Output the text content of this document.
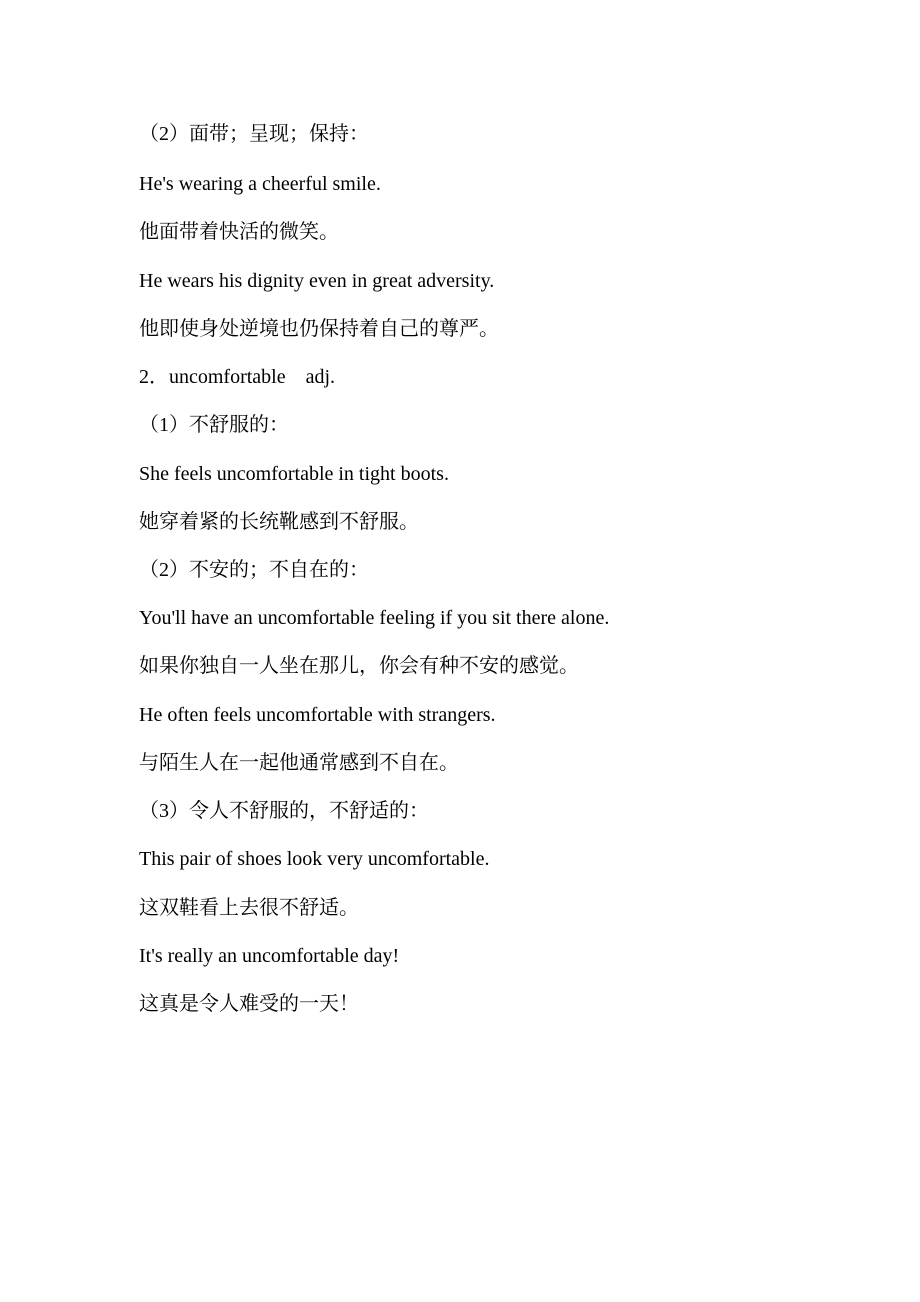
（2）面带；呈现；保持：
He's wearing a cheerful smile.
他面带着快活的微笑。
He wears his dignity even in great adversity.
他即使身处逆境也仍保持着自己的尊严。
2．uncomfortable　adj.
（1）不舒服的：
She feels uncomfortable in tight boots.
她穿着紧的长统靴感到不舒服。
（2）不安的；不自在的：
You'll have an uncomfortable feeling if you sit there alone.
如果你独自一人坐在那儿，你会有种不安的感觉。
He often feels uncomfortable with strangers.
与陌生人在一起他通常感到不自在。
（3）令人不舒服的，不舒适的：
This pair of shoes look very uncomfortable.
这双鞋看上去很不舒适。
It's really an uncomfortable day!
这真是令人难受的一天！
